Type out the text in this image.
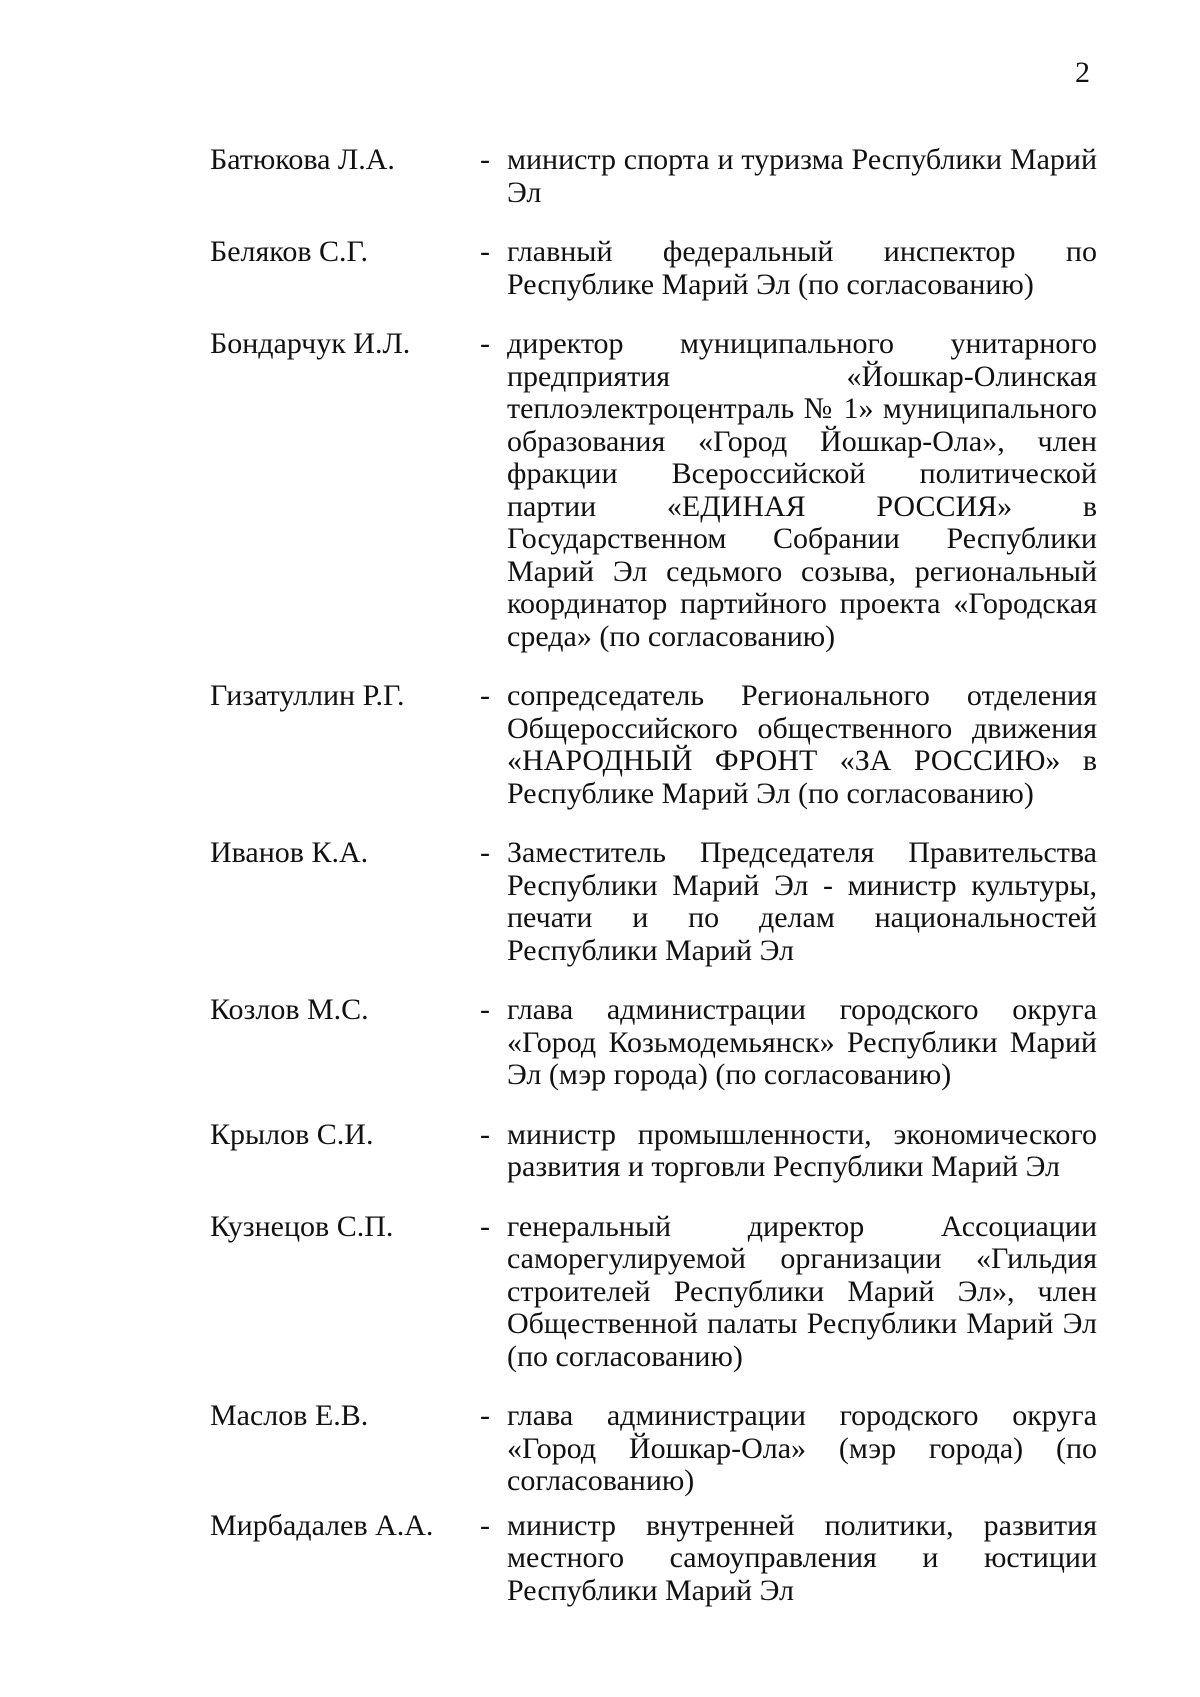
2
Батюкова Л.А.	- министр спорта и туризма Республики Марий Эл
Беляков С.Г.	- главный федеральный инспектор по Республике Марий Эл (по согласованию)
Бондарчук И.Л.	- директор муниципального унитарного предприятия «Йошкар-Олинская теплоэлектроцентраль № 1» муниципального образования «Город Йошкар-Ола», член фракции Всероссийской политической партии «ЕДИНАЯ РОССИЯ» в Государственном Собрании Республики Марий Эл седьмого созыва, региональный координатор партийного проекта «Городская среда» (по согласованию)
Гизатуллин Р.Г.	- сопредседатель Регионального отделения Общероссийского общественного движения «НАРОДНЫЙ ФРОНТ «ЗА РОССИЮ» в Республике Марий Эл (по согласованию)
Иванов К.А.	- Заместитель Председателя Правительства Республики Марий Эл - министр культуры, печати и по делам национальностей Республики Марий Эл
Козлов М.С.	- глава администрации городского округа «Город Козьмодемьянск» Республики Марий Эл (мэр города) (по согласованию)
Крылов С.И.	- министр промышленности, экономического развития и торговли Республики Марий Эл
Кузнецов С.П.	- генеральный директор Ассоциации саморегулируемой организации «Гильдия строителей Республики Марий Эл», член Общественной палаты Республики Марий Эл (по согласованию)
Маслов Е.В.	- глава администрации городского округа «Город Йошкар-Ола» (мэр города) (по согласованию)
Мирбадалев А.А.	- министр внутренней политики, развития местного самоуправления и юстиции Республики Марий Эл
